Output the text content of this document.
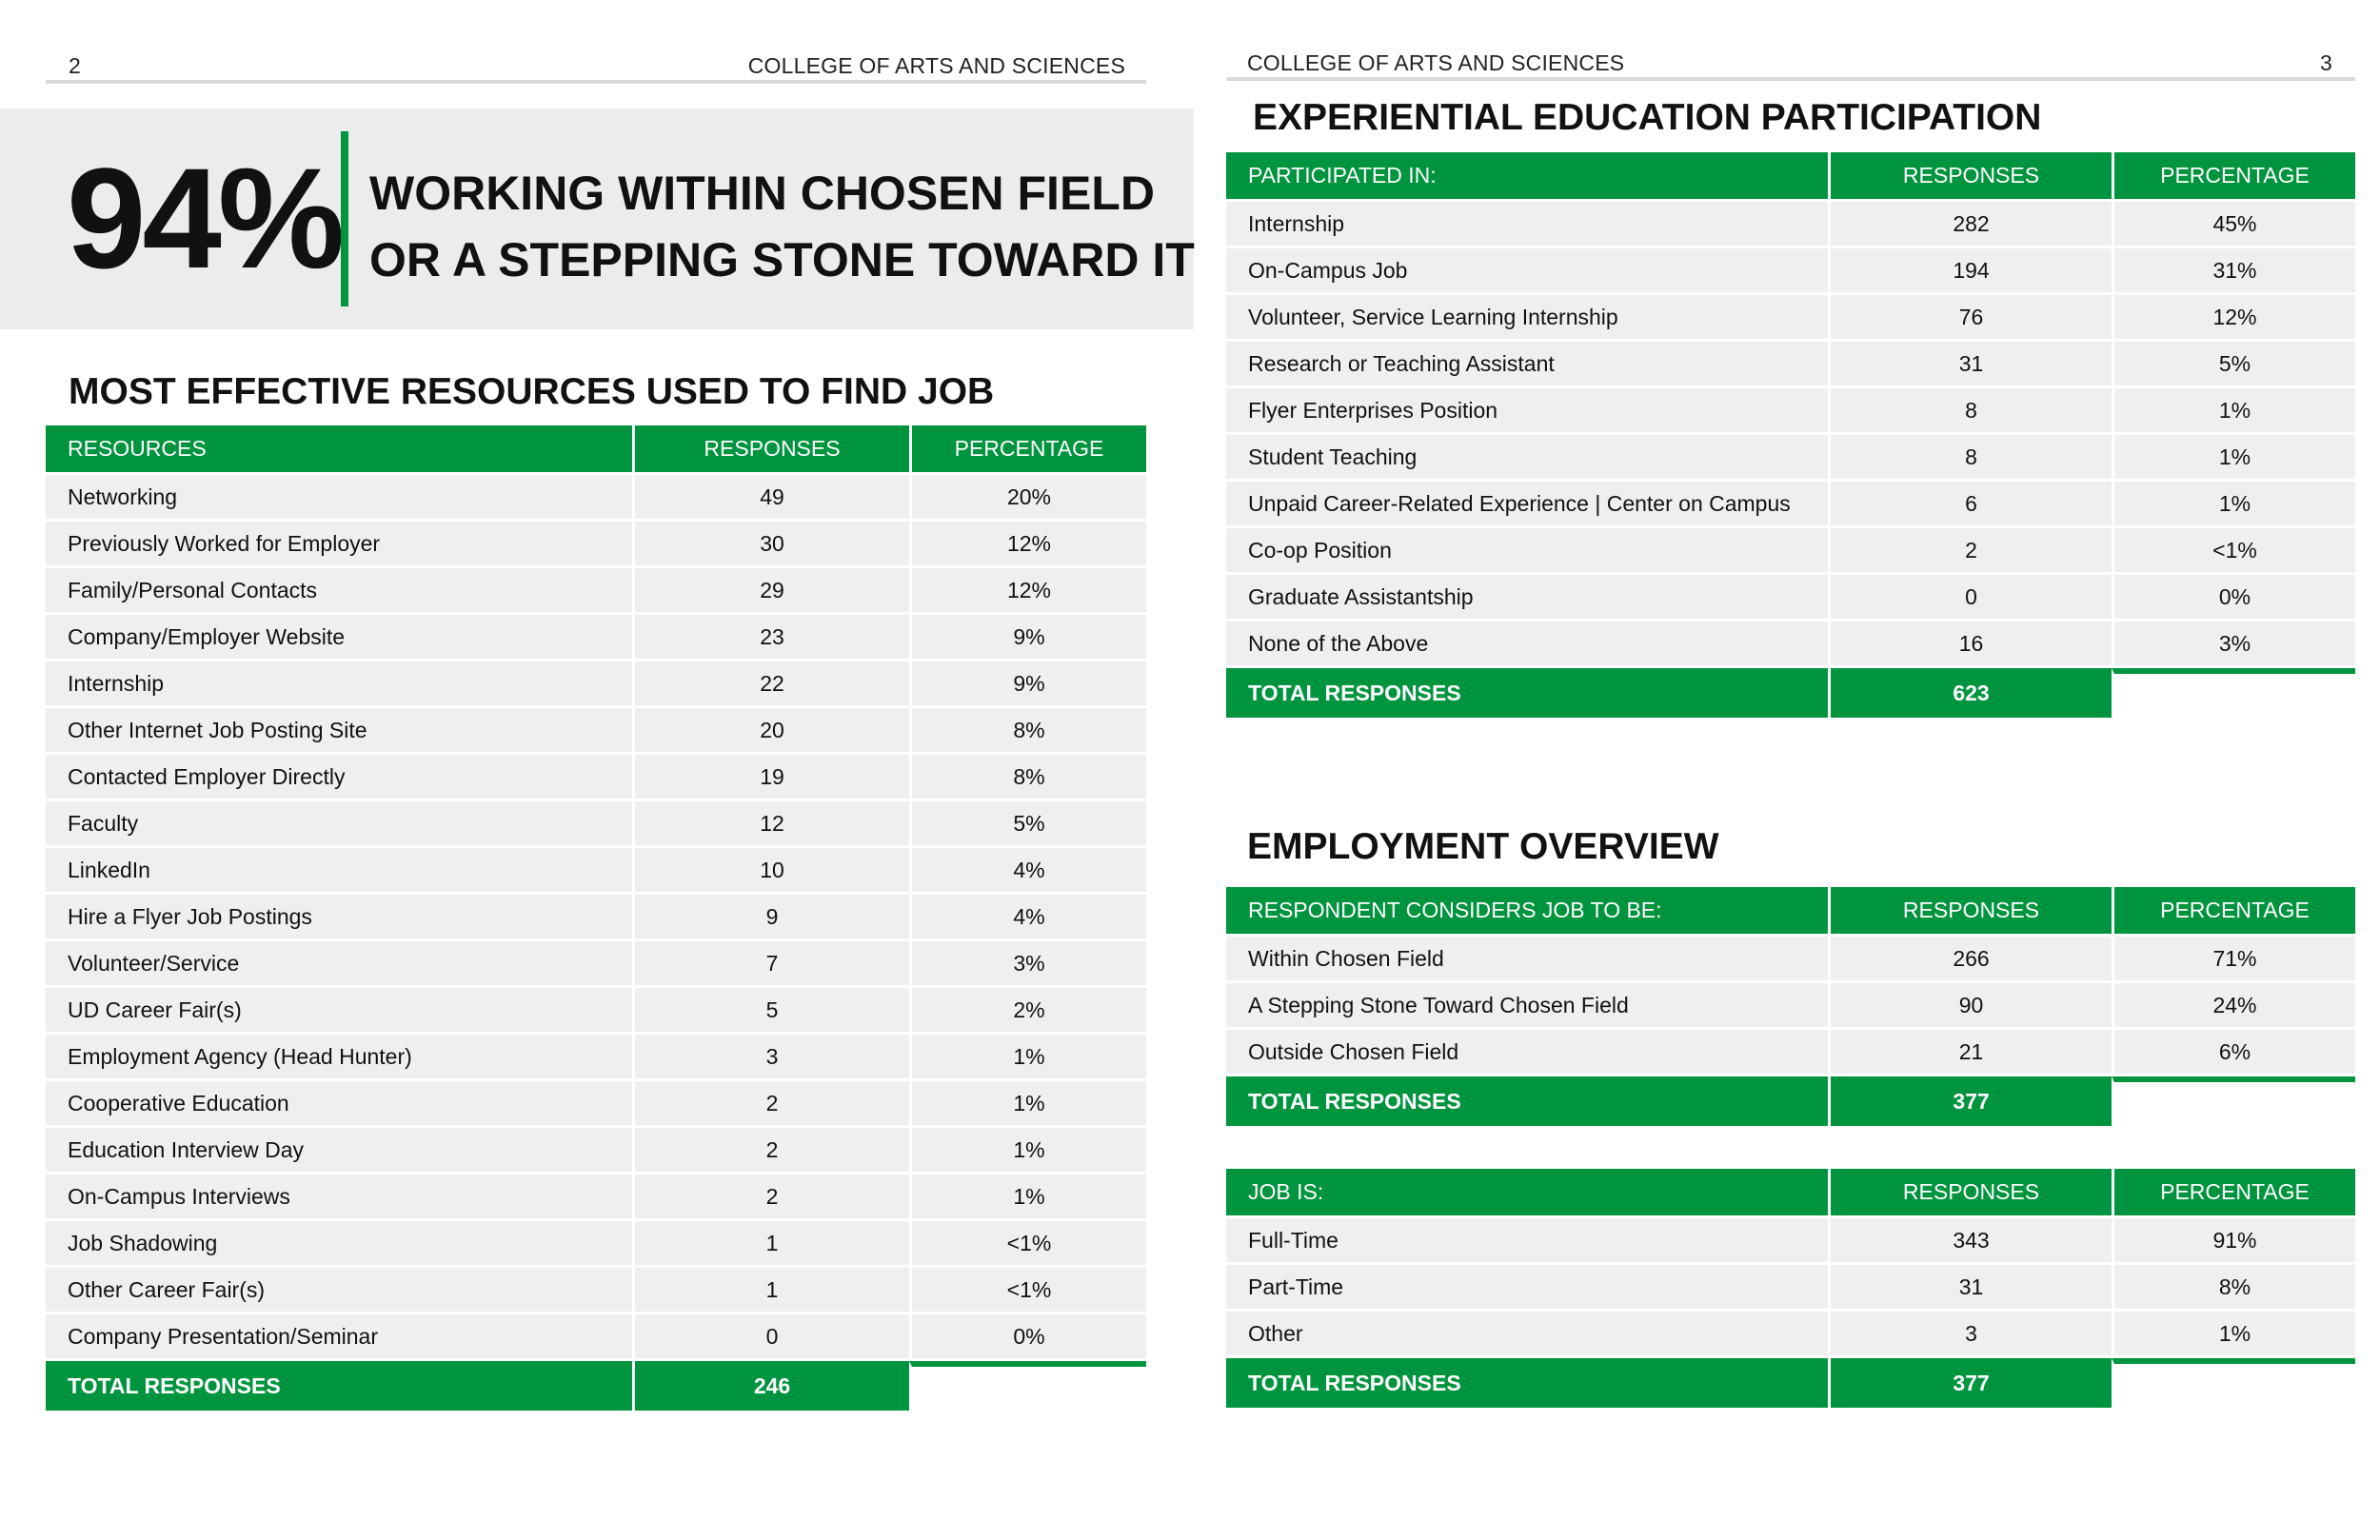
2	COLLEGE OF ARTS AND SCIENCES
94% WORKING WITHIN CHOSEN FIELD
OR A STEPPING STONE TOWARD IT
MOST EFFECTIVE RESOURCES USED TO FIND JOB
RESOURCES	RESPONSES	PERCENTAGE
Networking	49	20%
Previously Worked for Employer	30	12%
Family/Personal Contacts	29	12%
Company/Employer Website	23	9%
Internship	22	9%
Other Internet Job Posting Site	20	8%
Contacted Employer Directly	19	8%
Faculty	12	5%
LinkedIn	10	4%
Hire a Flyer Job Postings	9	4%
Volunteer/Service	7	3%
UD Career Fair(s)	5	2%
Employment Agency (Head Hunter)	3	1%
Cooperative Education	2	1%
Education Interview Day	2	1%
On-Campus Interviews	2	1%
Job Shadowing	1	<1%
Other Career Fair(s)	1	<1%
Company Presentation/Seminar	0	0%
TOTAL RESPONSES	246	
COLLEGE OF ARTS AND SCIENCES	3
EXPERIENTIAL EDUCATION PARTICIPATION
PARTICIPATED IN:	RESPONSES	PERCENTAGE
Internship	282	45%
On-Campus Job	194	31%
Volunteer, Service Learning Internship	76	12%
Research or Teaching Assistant	31	5%
Flyer Enterprises Position	8	1%
Student Teaching	8	1%
Unpaid Career-Related Experience | Center on Campus	6	1%
Co-op Position	2	<1%
Graduate Assistantship	0	0%
None of the Above	16	3%
TOTAL RESPONSES	623	
EMPLOYMENT OVERVIEW
RESPONDENT CONSIDERS JOB TO BE:	RESPONSES	PERCENTAGE
Within Chosen Field	266	71%
A Stepping Stone Toward Chosen Field	90	24%
Outside Chosen Field	21	6%
TOTAL RESPONSES	377	
JOB IS:	RESPONSES	PERCENTAGE
Full-Time	343	91%
Part-Time	31	8%
Other	3	1%
TOTAL RESPONSES	377	
